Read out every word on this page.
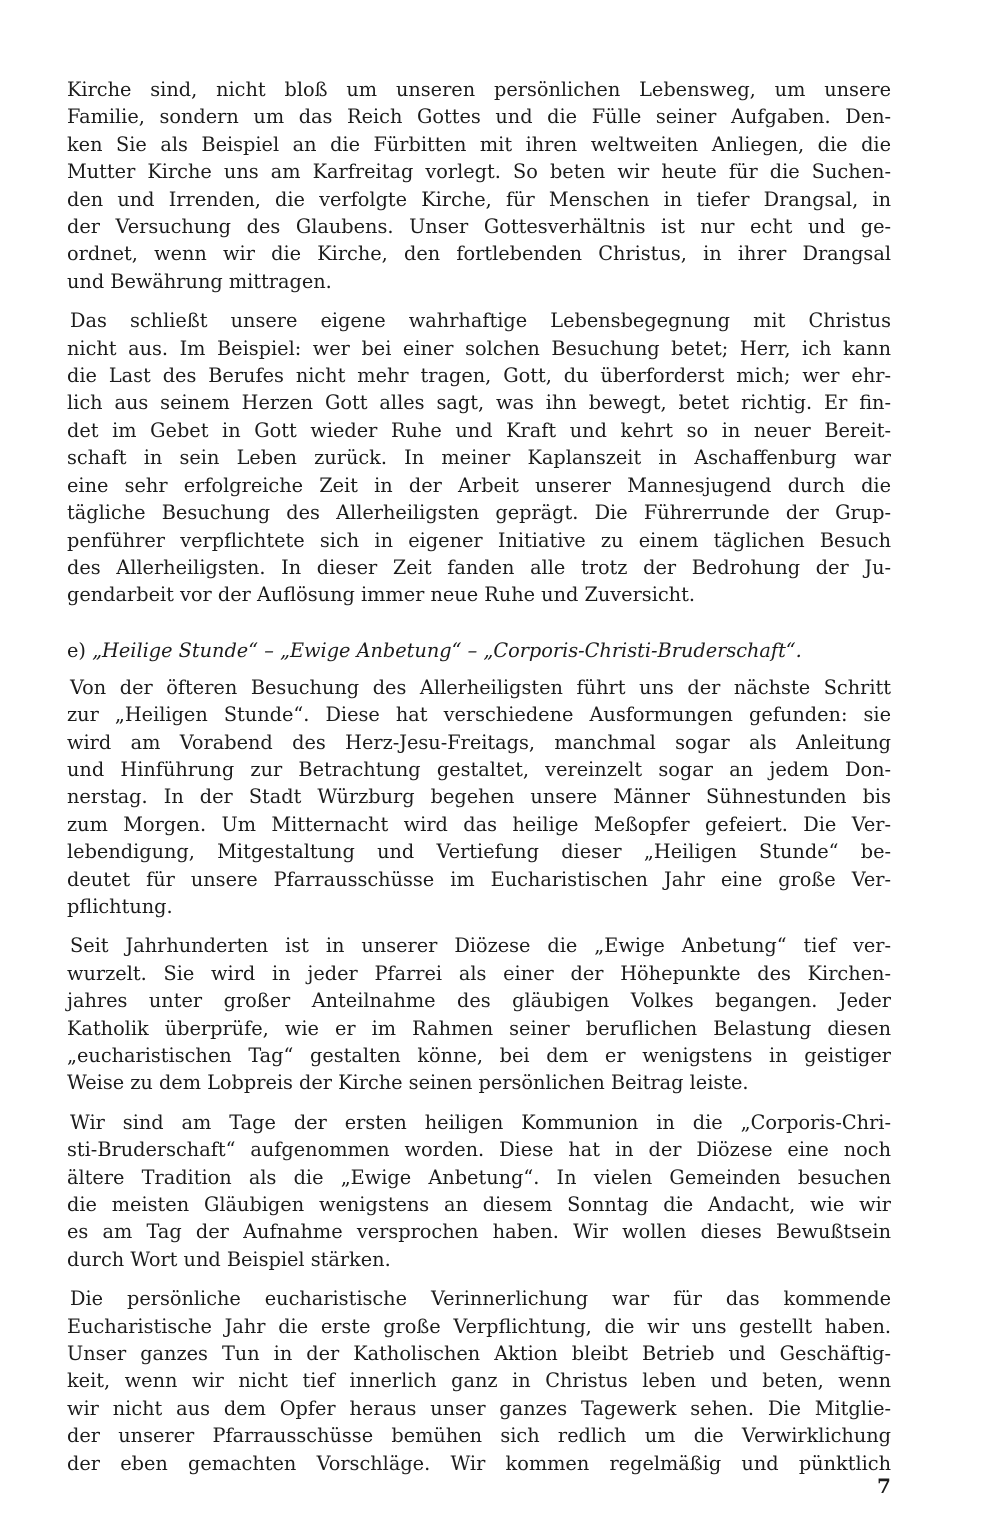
Kirche sind, nicht bloß um unseren persönlichen Lebensweg, um unsere
Familie, sondern um das Reich Gottes und die Fülle seiner Aufgaben. Den-
ken Sie als Beispiel an die Fürbitten mit ihren weltweiten Anliegen, die die
Mutter Kirche uns am Karfreitag vorlegt. So beten wir heute für die Suchen-
den und Irrenden, die verfolgte Kirche, für Menschen in tiefer Drangsal, in
der Versuchung des Glaubens. Unser Gottesverhältnis ist nur echt und ge-
ordnet, wenn wir die Kirche, den fortlebenden Christus, in ihrer Drangsal
und Bewährung mittragen.
Das schließt unsere eigene wahrhaftige Lebensbegegnung mit Christus
nicht aus. Im Beispiel: wer bei einer solchen Besuchung betet; Herr, ich kann
die Last des Berufes nicht mehr tragen, Gott, du überforderst mich; wer ehr-
lich aus seinem Herzen Gott alles sagt, was ihn bewegt, betet richtig. Er fin-
det im Gebet in Gott wieder Ruhe und Kraft und kehrt so in neuer Bereit-
schaft in sein Leben zurück. In meiner Kaplanszeit in Aschaffenburg war
eine sehr erfolgreiche Zeit in der Arbeit unserer Mannesjugend durch die
tägliche Besuchung des Allerheiligsten geprägt. Die Führerrunde der Grup-
penführer verpflichtete sich in eigener Initiative zu einem täglichen Besuch
des Allerheiligsten. In dieser Zeit fanden alle trotz der Bedrohung der Ju-
gendarbeit vor der Auflösung immer neue Ruhe und Zuversicht.
e) „Heilige Stunde“ – „Ewige Anbetung“ – „Corporis-Christi-Bruderschaft“.
Von der öfteren Besuchung des Allerheiligsten führt uns der nächste Schritt
zur „Heiligen Stunde“. Diese hat verschiedene Ausformungen gefunden: sie
wird am Vorabend des Herz-Jesu-Freitags, manchmal sogar als Anleitung
und Hinführung zur Betrachtung gestaltet, vereinzelt sogar an jedem Don-
nerstag. In der Stadt Würzburg begehen unsere Männer Sühnestunden bis
zum Morgen. Um Mitternacht wird das heilige Meßopfer gefeiert. Die Ver-
lebendigung, Mitgestaltung und Vertiefung dieser „Heiligen Stunde“ be-
deutet für unsere Pfarrausschüsse im Eucharistischen Jahr eine große Ver-
pflichtung.
Seit Jahrhunderten ist in unserer Diözese die „Ewige Anbetung“ tief ver-
wurzelt. Sie wird in jeder Pfarrei als einer der Höhepunkte des Kirchen-
jahres unter großer Anteilnahme des gläubigen Volkes begangen. Jeder
Katholik überprüfe, wie er im Rahmen seiner beruflichen Belastung diesen
„eucharistischen Tag“ gestalten könne, bei dem er wenigstens in geistiger
Weise zu dem Lobpreis der Kirche seinen persönlichen Beitrag leiste.
Wir sind am Tage der ersten heiligen Kommunion in die „Corporis-Chri-
sti-Bruderschaft“ aufgenommen worden. Diese hat in der Diözese eine noch
ältere Tradition als die „Ewige Anbetung“. In vielen Gemeinden besuchen
die meisten Gläubigen wenigstens an diesem Sonntag die Andacht, wie wir
es am Tag der Aufnahme versprochen haben. Wir wollen dieses Bewußtsein
durch Wort und Beispiel stärken.
Die persönliche eucharistische Verinnerlichung war für das kommende
Eucharistische Jahr die erste große Verpflichtung, die wir uns gestellt haben.
Unser ganzes Tun in der Katholischen Aktion bleibt Betrieb und Geschäftig-
keit, wenn wir nicht tief innerlich ganz in Christus leben und beten, wenn
wir nicht aus dem Opfer heraus unser ganzes Tagewerk sehen. Die Mitglie-
der unserer Pfarrausschüsse bemühen sich redlich um die Verwirklichung
der eben gemachten Vorschläge. Wir kommen regelmäßig und pünktlich
7
